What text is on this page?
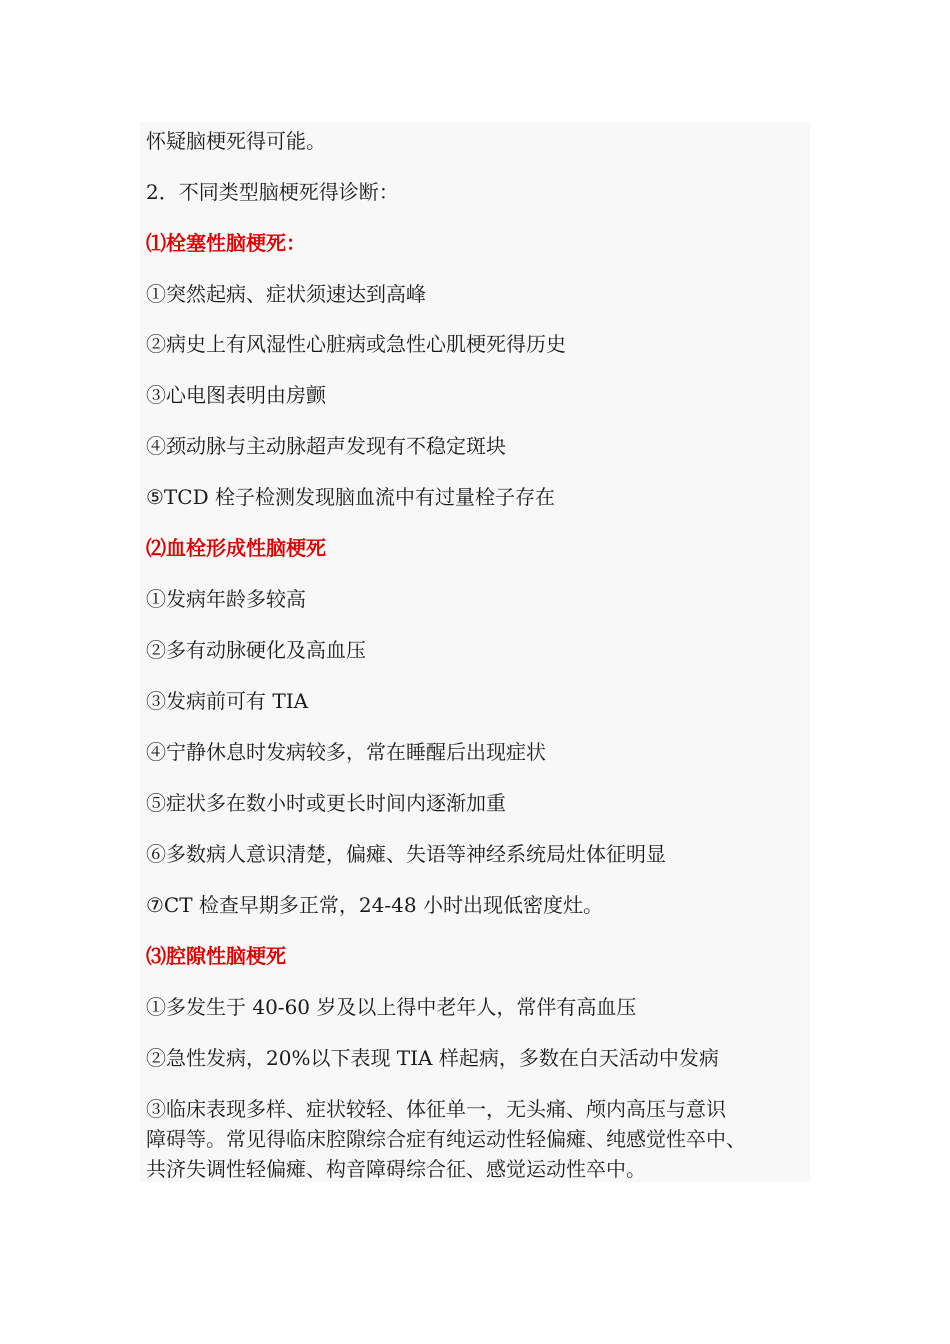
怀疑脑梗死得可能。
2．不同类型脑梗死得诊断：
⑴栓塞性脑梗死：
①突然起病、症状须速达到高峰
②病史上有风湿性心脏病或急性心肌梗死得历史
③心电图表明由房颤
④颈动脉与主动脉超声发现有不稳定斑块
⑤TCD 栓子检测发现脑血流中有过量栓子存在
⑵血栓形成性脑梗死
①发病年龄多较高
②多有动脉硬化及高血压
③发病前可有 TIA
④宁静休息时发病较多，常在睡醒后出现症状
⑤症状多在数小时或更长时间内逐渐加重
⑥多数病人意识清楚，偏瘫、失语等神经系统局灶体征明显
⑦CT 检查早期多正常，24-48 小时出现低密度灶。
⑶腔隙性脑梗死
①多发生于 40-60 岁及以上得中老年人，常伴有高血压
②急性发病，20%以下表现 TIA 样起病，多数在白天活动中发病
③临床表现多样、症状较轻、体征单一，无头痛、颅内高压与意识
障碍等。常见得临床腔隙综合症有纯运动性轻偏瘫、纯感觉性卒中、
共济失调性轻偏瘫、构音障碍综合征、感觉运动性卒中。
